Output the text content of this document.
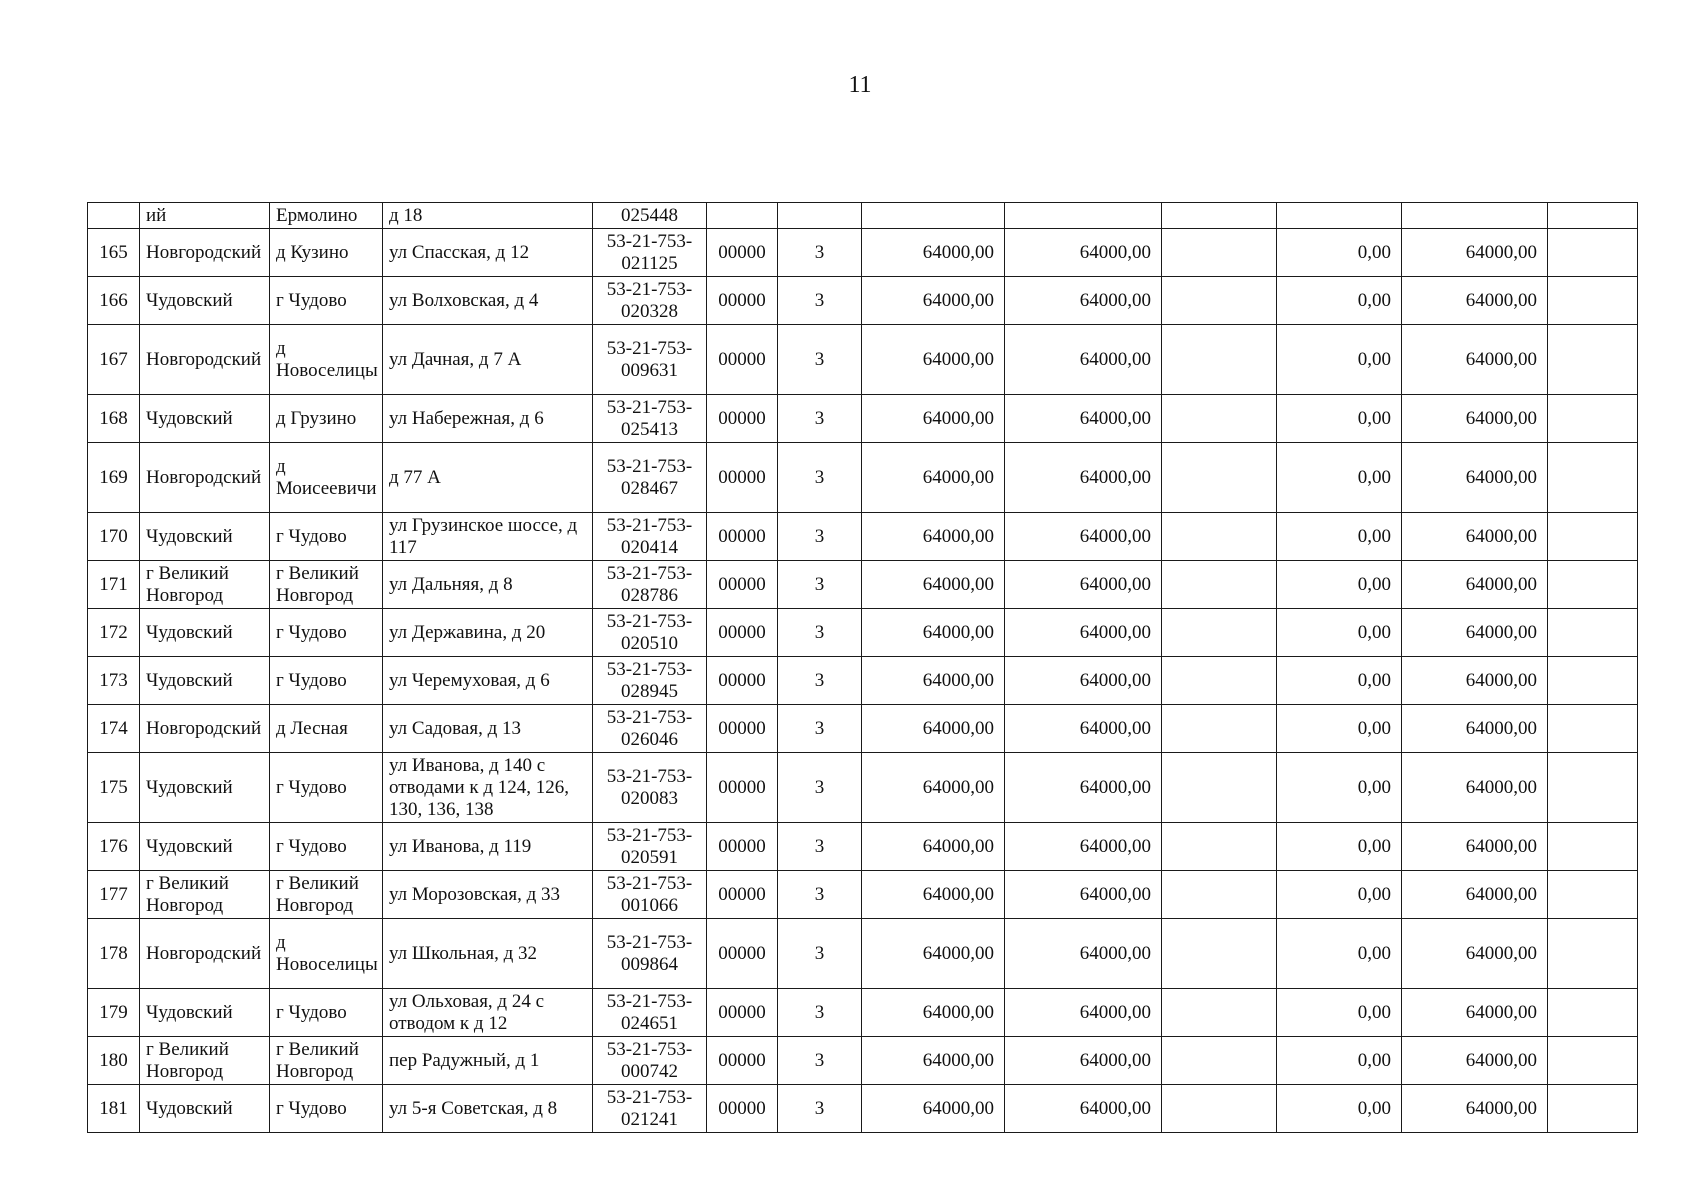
11
	ий	Ермолино	д 18	025448								
165	Новгородский	д Кузино	ул Спасская, д 12	53-21-753-021125	00000	3	64000,00	64000,00		0,00	64000,00	
166	Чудовский	г Чудово	ул Волховская, д 4	53-21-753-020328	00000	3	64000,00	64000,00		0,00	64000,00	
167	Новгородский	д Новоселицы	ул Дачная, д 7 А	53-21-753-009631	00000	3	64000,00	64000,00		0,00	64000,00	
168	Чудовский	д Грузино	ул Набережная, д 6	53-21-753-025413	00000	3	64000,00	64000,00		0,00	64000,00	
169	Новгородский	д Моисеевичи	д 77 А	53-21-753-028467	00000	3	64000,00	64000,00		0,00	64000,00	
170	Чудовский	г Чудово	ул Грузинское шоссе, д 117	53-21-753-020414	00000	3	64000,00	64000,00		0,00	64000,00	
171	г Великий Новгород	г Великий Новгород	ул Дальняя, д 8	53-21-753-028786	00000	3	64000,00	64000,00		0,00	64000,00	
172	Чудовский	г Чудово	ул Державина, д 20	53-21-753-020510	00000	3	64000,00	64000,00		0,00	64000,00	
173	Чудовский	г Чудово	ул Черемуховая, д 6	53-21-753-028945	00000	3	64000,00	64000,00		0,00	64000,00	
174	Новгородский	д Лесная	ул Садовая, д 13	53-21-753-026046	00000	3	64000,00	64000,00		0,00	64000,00	
175	Чудовский	г Чудово	ул Иванова, д 140 с отводами к д 124, 126, 130, 136, 138	53-21-753-020083	00000	3	64000,00	64000,00		0,00	64000,00	
176	Чудовский	г Чудово	ул Иванова, д 119	53-21-753-020591	00000	3	64000,00	64000,00		0,00	64000,00	
177	г Великий Новгород	г Великий Новгород	ул Морозовская, д 33	53-21-753-001066	00000	3	64000,00	64000,00		0,00	64000,00	
178	Новгородский	д Новоселицы	ул Школьная, д 32	53-21-753-009864	00000	3	64000,00	64000,00		0,00	64000,00	
179	Чудовский	г Чудово	ул Ольховая, д 24 с отводом к д 12	53-21-753-024651	00000	3	64000,00	64000,00		0,00	64000,00	
180	г Великий Новгород	г Великий Новгород	пер Радужный, д 1	53-21-753-000742	00000	3	64000,00	64000,00		0,00	64000,00	
181	Чудовский	г Чудово	ул 5-я Советская, д 8	53-21-753-021241	00000	3	64000,00	64000,00		0,00	64000,00	
